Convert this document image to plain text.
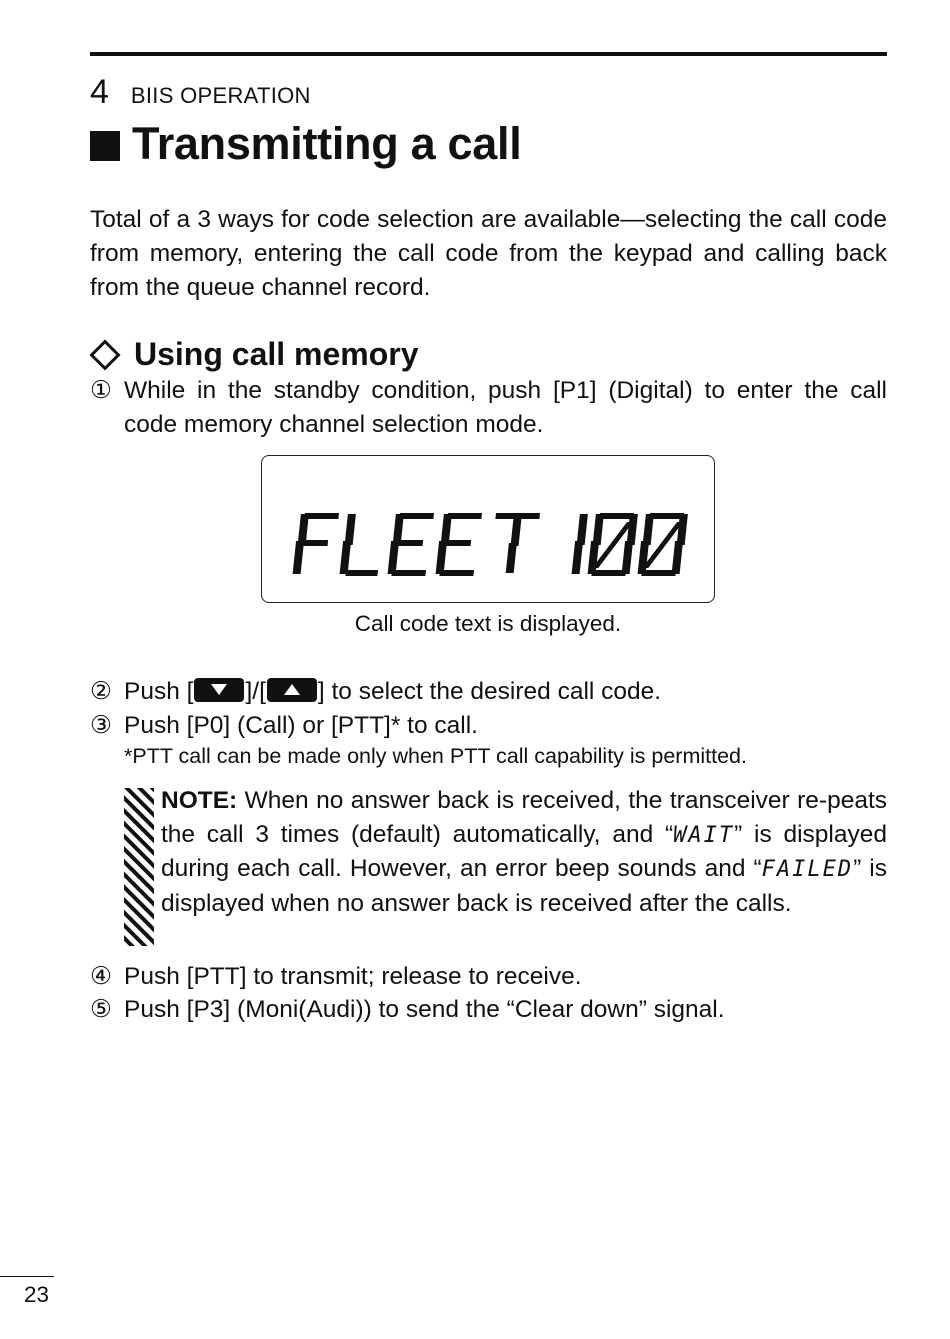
4 BIIS OPERATION
Transmitting a call
Total of a 3 ways for code selection are available—selecting the call code from memory, entering the call code from the keypad and calling back from the queue channel record.
Using call memory
① While in the standby condition, push [P1] (Digital) to enter the call code memory channel selection mode.
Call code text is displayed.
② Push [ ]/[ ] to select the desired call code.
③ Push [P0] (Call) or [PTT]* to call.
*PTT call can be made only when PTT call capability is permitted.
NOTE: When no answer back is received, the transceiver re-peats the call 3 times (default) automatically, and “WAIT” is displayed during each call. However, an error beep sounds and “FAILED” is displayed when no answer back is received after the calls.
④ Push [PTT] to transmit; release to receive.
⑤ Push [P3] (Moni(Audi)) to send the “Clear down” signal.
23
